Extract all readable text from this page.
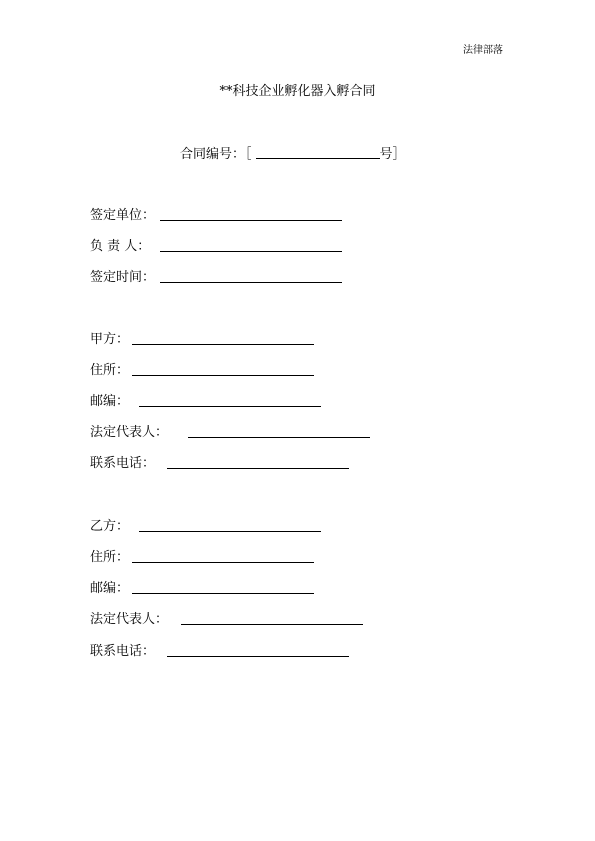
法律部落
**科技企业孵化器入孵合同
合同编号：［	号］
签定单位：
负 责 人：
签定时间：
甲方：
住所：
邮编：
法定代表人：
联系电话：
乙方：
住所：
邮编：
法定代表人：
联系电话：
